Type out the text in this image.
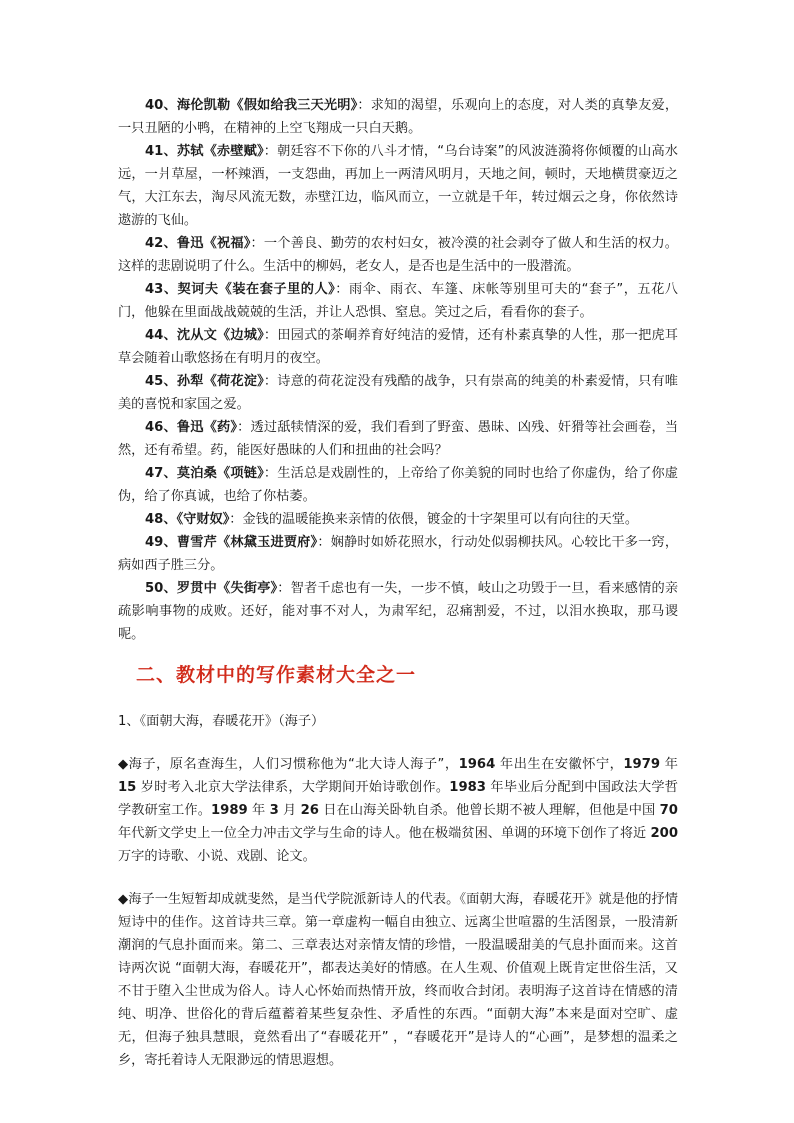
40、海伦凯勒《假如给我三天光明》：求知的渴望，乐观向上的态度，对人类的真挚友爱，一只丑陋的小鸭，在精神的上空飞翔成一只白天鹅。

41、苏轼《赤壁赋》：朝廷容不下你的八斗才情，“乌台诗案”的风波涟漪将你倾覆的山高水远，一爿草屋，一杯辣酒，一支怨曲，再加上一两清风明月，天地之间，顿时，天地横贯豪迈之气，大江东去，淘尽风流无数，赤壁江边，临风而立，一立就是千年，转过烟云之身，你依然诗遨游的飞仙。

42、鲁迅《祝福》：一个善良、勤劳的农村妇女，被冷漠的社会剥夺了做人和生活的权力。这样的悲剧说明了什么。生活中的柳妈，老女人，是否也是生活中的一股潜流。

43、契诃夫《装在套子里的人》：雨伞、雨衣、车篷、床帐等别里可夫的“套子”，五花八门，他躲在里面战战兢兢的生活，并让人恐惧、窒息。笑过之后，看看你的套子。

44、沈从文《边城》：田园式的茶峒养育好纯洁的爱情，还有朴素真挚的人性，那一把虎耳草会随着山歌悠扬在有明月的夜空。

45、孙犁《荷花淀》：诗意的荷花淀没有残酷的战争，只有崇高的纯美的朴素爱情，只有唯美的喜悦和家国之爱。

46、鲁迅《药》：透过舐犊情深的爱，我们看到了野蛮、愚昧、凶残、奸猾等社会画卷，当然，还有希望。药，能医好愚昧的人们和扭曲的社会吗？

47、莫泊桑《项链》：生活总是戏剧性的，上帝给了你美貌的同时也给了你虚伪，给了你虚伪，给了你真诚，也给了你枯萎。

48、《守财奴》：金钱的温暖能换来亲情的依偎，镀金的十字架里可以有向往的天堂。

49、曹雪芹《林黛玉进贾府》：娴静时如娇花照水，行动处似弱柳扶风。心较比干多一窍，病如西子胜三分。

50、罗贯中《失街亭》：智者千虑也有一失，一步不慎，岐山之功毁于一旦，看来感情的亲疏影响事物的成败。还好，能对事不对人，为肃军纪，忍痛割爱，不过，以泪水换取，那马谡呢。

二、教材中的写作素材大全之一
1、《面朝大海，春暖花开》（海子）

◆海子，原名查海生，人们习惯称他为“北大诗人海子”，1964 年出生在安徽怀宁，1979 年 15 岁时考入北京大学法律系，大学期间开始诗歌创作。1983 年毕业后分配到中国政法大学哲学教研室工作。1989 年 3 月 26 日在山海关卧轨自杀。他曾长期不被人理解，但他是中国 70 年代新文学史上一位全力冲击文学与生命的诗人。他在极端贫困、单调的环境下创作了将近 200 万字的诗歌、小说、戏剧、论文。

◆海子一生短暂却成就斐然，是当代学院派新诗人的代表。《面朝大海，春暖花开》就是他的抒情短诗中的佳作。这首诗共三章。第一章虚构一幅自由独立、远离尘世喧嚣的生活图景，一股清新潮润的气息扑面而来。第二、三章表达对亲情友情的珍惜，一股温暖甜美的气息扑面而来。这首诗两次说 “面朝大海，春暖花开”，都表达美好的情感。在人生观、价值观上既肯定世俗生活，又不甘于堕入尘世成为俗人。诗人心怀始而热情开放，终而收合封闭。表明海子这首诗在情感的清纯、明净、世俗化的背后蕴蓄着某些复杂性、矛盾性的东西。“面朝大海”本来是面对空旷、虚无，但海子独具慧眼，竟然看出了“春暖花开” ，“春暖花开”是诗人的“心画”，是梦想的温柔之乡，寄托着诗人无限渺远的情思遐想。
